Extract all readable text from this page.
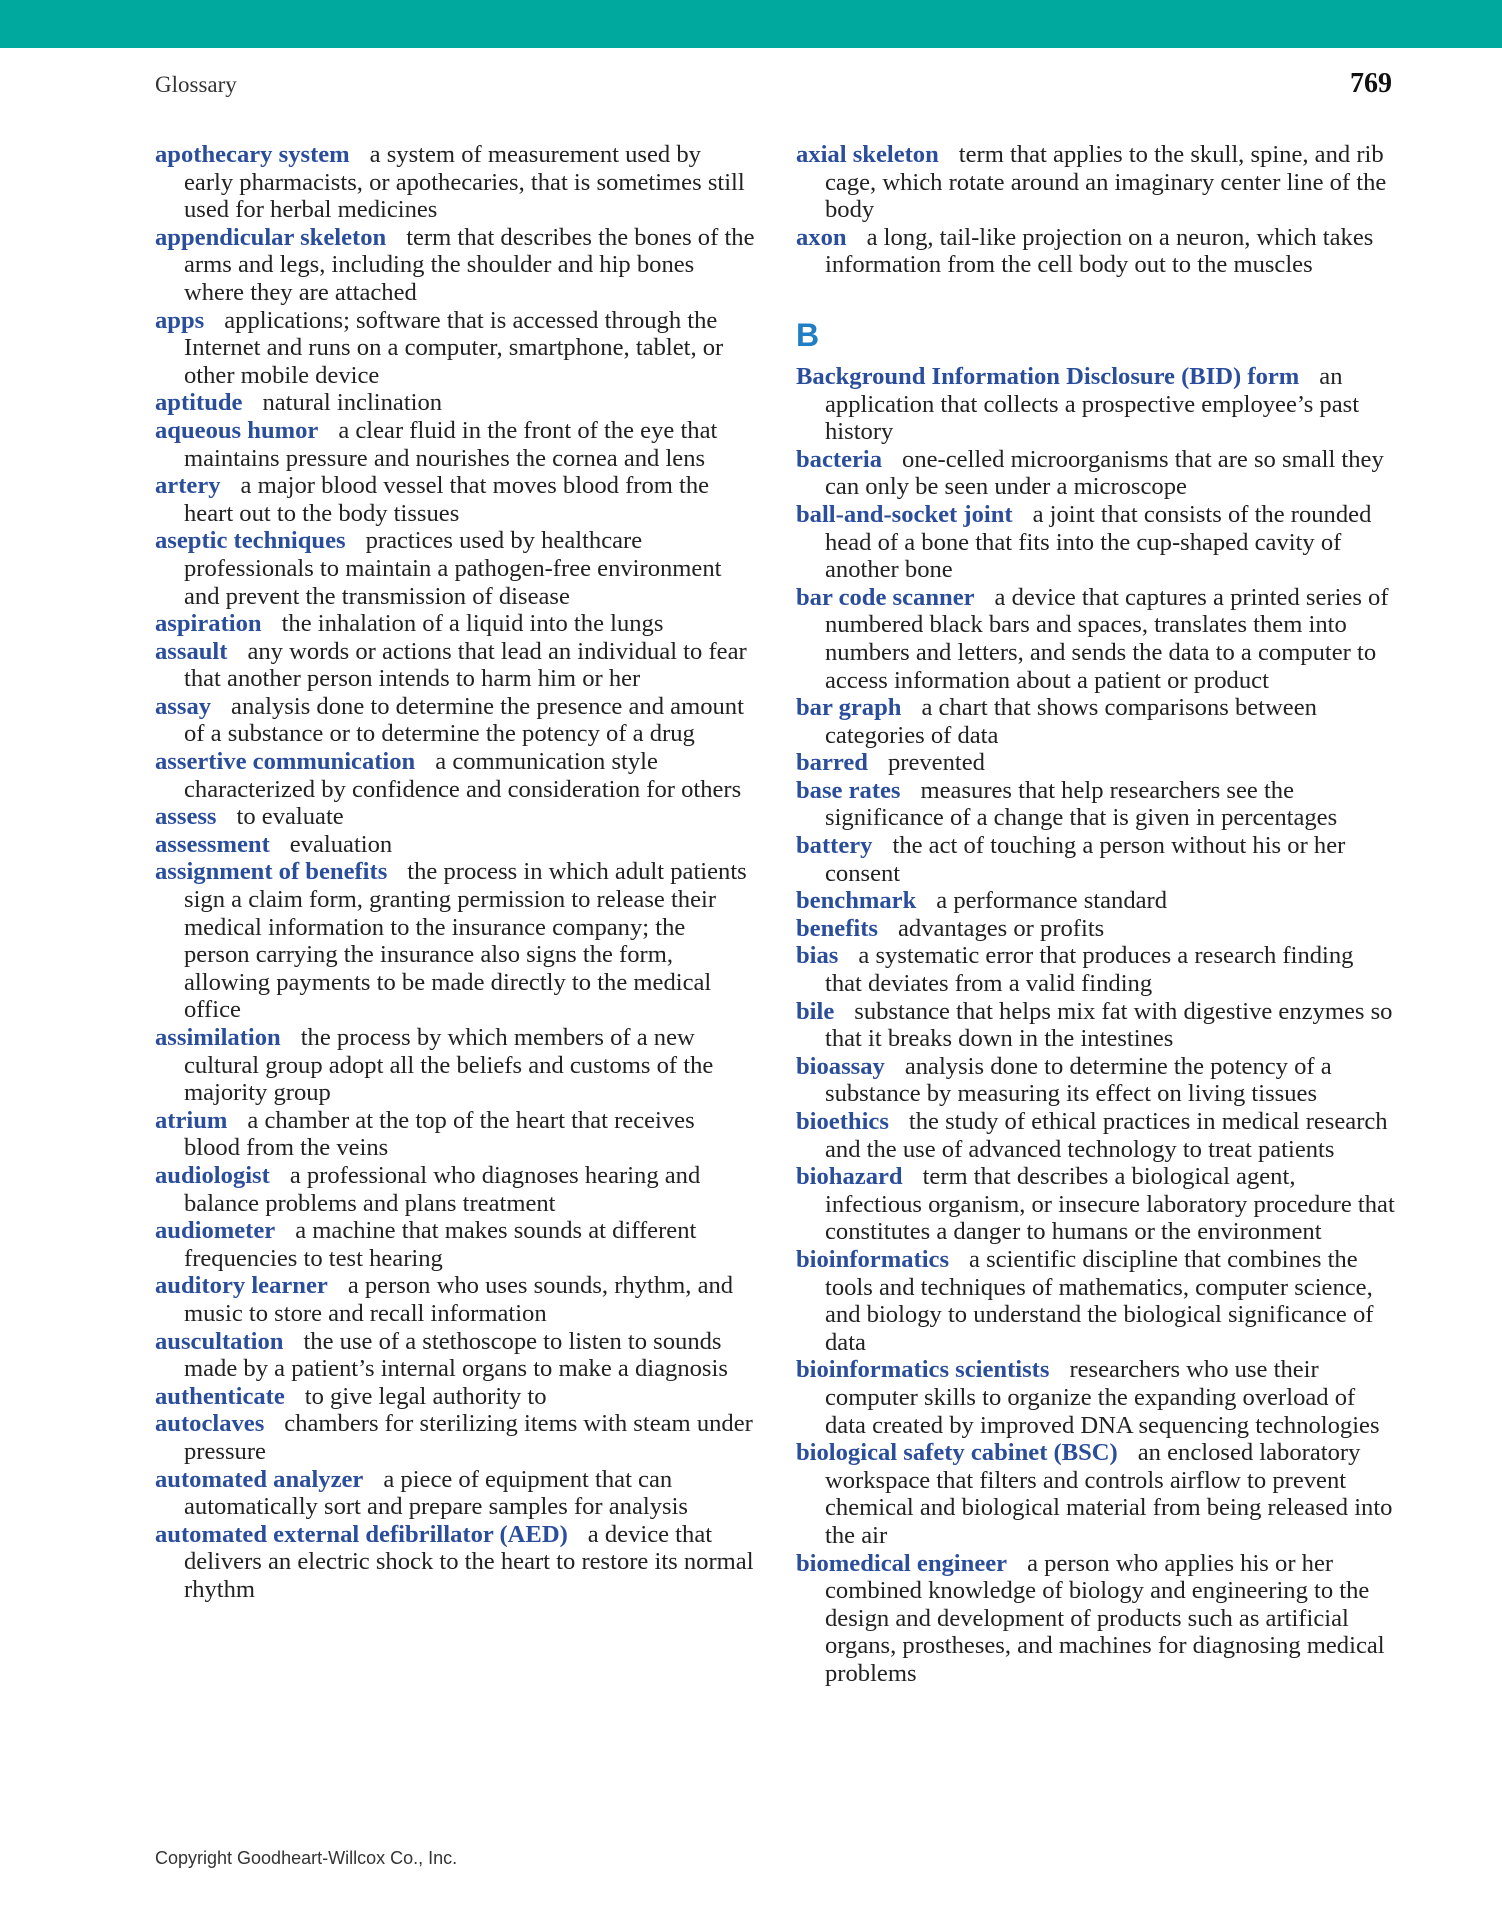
Glossary	769

apothecary system a system of measurement used by early pharmacists, or apothecaries, that is sometimes still used for herbal medicines

appendicular skeleton term that describes the bones of the arms and legs, including the shoulder and hip bones where they are attached

apps applications; software that is accessed through the Internet and runs on a computer, smartphone, tablet, or other mobile device

aptitude natural inclination

aqueous humor a clear fluid in the front of the eye that maintains pressure and nourishes the cornea and lens

artery a major blood vessel that moves blood from the heart out to the body tissues

aseptic techniques practices used by healthcare professionals to maintain a pathogen-free environment and prevent the transmission of disease

aspiration the inhalation of a liquid into the lungs

assault any words or actions that lead an individual to fear that another person intends to harm him or her

assay analysis done to determine the presence and amount of a substance or to determine the potency of a drug

assertive communication a communication style characterized by confidence and consideration for others

assess to evaluate

assessment evaluation

assignment of benefits the process in which adult patients sign a claim form, granting permission to release their medical information to the insurance company; the person carrying the insurance also signs the form, allowing payments to be made directly to the medical office

assimilation the process by which members of a new cultural group adopt all the beliefs and customs of the majority group

atrium a chamber at the top of the heart that receives blood from the veins

audiologist a professional who diagnoses hearing and balance problems and plans treatment

audiometer a machine that makes sounds at different frequencies to test hearing

auditory learner a person who uses sounds, rhythm, and music to store and recall information

auscultation the use of a stethoscope to listen to sounds made by a patient’s internal organs to make a diagnosis

authenticate to give legal authority to

autoclaves chambers for sterilizing items with steam under pressure

automated analyzer a piece of equipment that can automatically sort and prepare samples for analysis

automated external defibrillator (AED) a device that delivers an electric shock to the heart to restore its normal rhythm

axial skeleton term that applies to the skull, spine, and rib cage, which rotate around an imaginary center line of the body

axon a long, tail-like projection on a neuron, which takes information from the cell body out to the muscles

B

Background Information Disclosure (BID) form an application that collects a prospective employee’s past history

bacteria one-celled microorganisms that are so small they can only be seen under a microscope

ball-and-socket joint a joint that consists of the rounded head of a bone that fits into the cup-shaped cavity of another bone

bar code scanner a device that captures a printed series of numbered black bars and spaces, translates them into numbers and letters, and sends the data to a computer to access information about a patient or product

bar graph a chart that shows comparisons between categories of data

barred prevented

base rates measures that help researchers see the significance of a change that is given in percentages

battery the act of touching a person without his or her consent

benchmark a performance standard

benefits advantages or profits

bias a systematic error that produces a research finding that deviates from a valid finding

bile substance that helps mix fat with digestive enzymes so that it breaks down in the intestines

bioassay analysis done to determine the potency of a substance by measuring its effect on living tissues

bioethics the study of ethical practices in medical research and the use of advanced technology to treat patients

biohazard term that describes a biological agent, infectious organism, or insecure laboratory procedure that constitutes a danger to humans or the environment

bioinformatics a scientific discipline that combines the tools and techniques of mathematics, computer science, and biology to understand the biological significance of data

bioinformatics scientists researchers who use their computer skills to organize the expanding overload of data created by improved DNA sequencing technologies

biological safety cabinet (BSC) an enclosed laboratory workspace that filters and controls airflow to prevent chemical and biological material from being released into the air

biomedical engineer a person who applies his or her combined knowledge of biology and engineering to the design and development of products such as artificial organs, prostheses, and machines for diagnosing medical problems

Copyright Goodheart-Willcox Co., Inc.
